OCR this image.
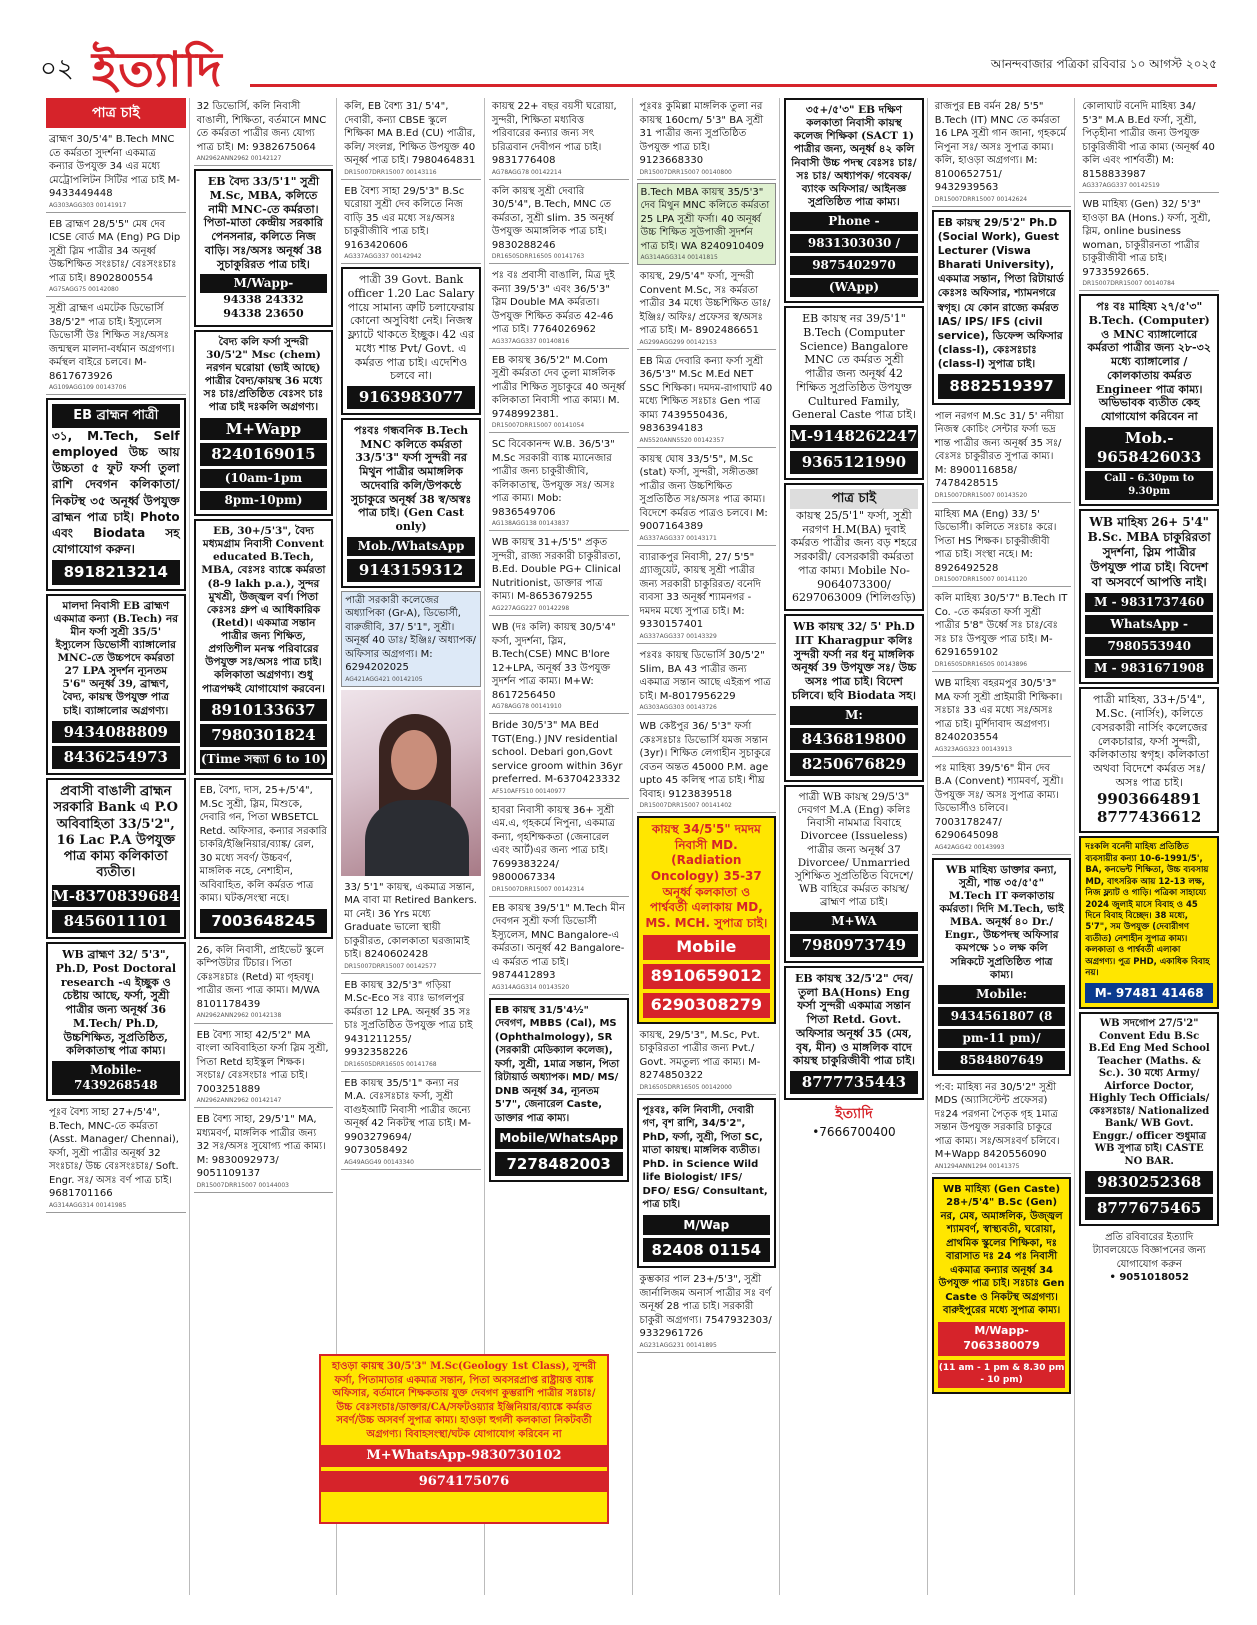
০২ ইত্যাদি	আনন্দবাজার পত্রিকা রবিবার ১০ আগস্ট ২০২৫
পাত্র চাই
ব্রাহ্মণ 30/5'4" B.Tech MNC তে কর্মরতা সুদর্শনা একমাত্র কন্যার উপযুক্ত 34 এর মধ্যে মেট্রোপলিটন সিটির পাত্র চাই M-9433449448
AG303AGG303 00141917
EB ব্রাহ্মণ 28/5'5" মেষ দেব ICSE বোর্ড MA (Eng) PG Dip সুশ্রী স্লিম পাত্রীর 34 অনূর্ধ্ব উচ্চশিক্ষিত সংঃচাঃ/ বেঃসংঃচাঃ পাত্র চাই। 8902800554
AG75AGG75 00142080
সুশ্রী ব্রাহ্মণ এমটেক ডিভোর্সি 38/5'2" পাত্র চাই। ইস্যুলেস ডিভোর্সী উঃ শিক্ষিত সঃ/অসঃ জন্মস্থল মালদা-বর্ধমান অগ্রগণ্য। কর্মস্থল বাইরে চলবে। M-8617673926
AG109AGG109 00143706
EB ব্রাহ্মন পাত্রী
৩১, M.Tech, Self employed উচ্চ আয় উচ্চতা ৫ ফুট ফর্সা তুলা রাশি দেবগন কলিকাতা/ নিকটস্থ ৩৫ অনূর্ধ্ব উপযুক্ত ব্রাহ্মন পাত্র চাই। Photo এবং Biodata সহ যোগাযোগ করুন।
8918213214
মালদা নিবাসী EB ব্রাহ্মণ একমাত্র কন্যা (B.Tech) নর মীন ফর্সা সুশ্রী 35/5' ইস্যুলেস ডিভোর্সী ব্যাঙ্গালোর MNC-তে উচ্চপদে কর্মরতা 27 LPA সুদর্শন ন্যূনতম 5'6" অনূর্ধ্ব 39, ব্রাহ্মণ, বৈদ্য, কায়স্থ উপযুক্ত পাত্র চাই। ব্যাঙ্গালোর অগ্রগণ্য।
9434088809
8436254973
প্রবাসী বাঙালী ব্রাহ্মন সরকারি Bank এ P.O অবিবাহিতা 33/5'2", 16 Lac P.A উপযুক্ত পাত্র কাম্য কলিকাতা ব্যতীত।
M-8370839684
8456011101
WB ব্রাহ্মণ 32/ 5'3", Ph.D, Post Doctoral research -এ ইচ্ছুক ও চেষ্টায় আছে, ফর্সা, সুশ্রী পাত্রীর জন্য অনূর্ধ্ব 36 M.Tech/ Ph.D, উচ্চশিক্ষিত, সুপ্রতিষ্ঠিত, কলিকাতাস্থ পাত্র কাম্য।
Mobile-7439268548
পূঃব বৈশ্য সাহা 27+/5'4", B.Tech, MNC-তে কর্মরতা (Asst. Manager/ Chennai), ফর্সা, সুশ্রী পাত্রীর অনূর্ধ্ব 32 সংঃচাঃ/ উচ্চ বেঃসংঃচাঃ/ Soft. Engr. সঃ/ অসঃ বর্ণ পাত্র চাই। 9681701166
AG314AGG314 00141985
32 ডিভোর্সি, কলি নিবাসী বাঙালী, শিক্ষিতা, বর্তমানে MNC তে কর্মরতা পাত্রীর জন্য যোগ্য পাত্র চাই। M: 9382675064
AN2962ANN2962 00142127
EB বৈদ্য 33/5'1" সুশ্রী M.Sc, MBA, কলিতে নামী MNC-তে কর্মরতা। পিতা-মাতা কেন্দ্রীয় সরকারি পেনসনার, কলিতে নিজ বাড়ি। সঃ/অসঃ অনূর্ধ্ব 38 সুচাকুরিরত পাত্র চাই।
M/Wapp-
94338 24332
94338 23650
বৈদ্য কলি ফর্সা সুন্দরী 30/5'2" Msc (chem) নরগন ঘরোয়া (ভাই আছে) পাত্রীর বৈদ্য/কায়স্থ 36 মধ্যে সঃ চাঃ/প্রতিষ্ঠিত বেঃসং চাঃ পাত্র চাই দঃকলি অগ্রগণ্য।
M+Wapp
8240169015
(10am-1pm
8pm-10pm)
EB, 30+/5'3", বৈদ্য মধ্যমগ্রাম নিবাসী Convent educated B.Tech, MBA, বেঃসঃ ব্যাঙ্কে কর্মরতা (8-9 lakh p.a.), সুন্দর মুখশ্রী, উজ্জ্বল বর্ণ। পিতা কেঃসঃ গ্রুপ এ আধিকারিক (Retd)। একমাত্র সন্তান পাত্রীর জন্য শিক্ষিত, প্রগতিশীল মনস্ক পরিবারের উপযুক্ত সঃ/অসঃ পাত্র চাই। কলিকাতা অগ্রগণ্য। শুধু পাত্রপক্ষই যোগাযোগ করবেন।
8910133637
7980301824
(Time সন্ধ্যা 6 to 10)
EB, বৈশ্য, দাস, 25+/5'4", M.Sc সুশ্রী, স্লিম, মিশুকে, দেবারি গন, পিতা WBSETCL Retd. অফিসার, কন্যার সরকারি চাকরি/ইঞ্জিনিয়ার/ব্যাঙ্ক/ রেল, 30 মধ্যে সবর্ণ/ উচ্চবর্ণ, মাঙ্গলিক নহে, নেশাহীন, অবিবাহিত, কলি কর্মরত পাত্র কাম্য। ঘটক/সংস্থা নহে।
7003648245
26, কলি নিবাসী, প্রাইভেট স্কুলে কম্পিউটার টিচার। পিতা কেঃসঃচাঃ (Retd) মা গৃহবধূ। পাত্রীর জন্য পাত্র কাম্য। M/WA 8101178439
AN2962ANN2962 00142138
EB বৈশ্য সাহা 42/5'2" MA বাংলা অবিবাহিতা ফর্সা স্লিম সুশ্রী, পিতা Retd হাইস্কুল শিক্ষক। সংচাঃ/ বেঃসংচাঃ পাত্র চাই। 7003251889
AN2962ANN2962 00142147
EB বৈশ্য সাহা, 29/5'1" MA, মধ্যমবর্ণ, মাঙ্গলিক পাত্রীর জন্য 32 সঃ/অসঃ সুযোগ্য পাত্র কাম্য। M: 9830092973/ 9051109137
DR15007DRR15007 00144003
কলি, EB বৈশ্য 31/ 5'4", দেবারী, কন্যা CBSE স্কুলে শিক্ষিকা MA B.Ed (CU) পাত্রীর, কলি/ সংলগ্ন, শিক্ষিত উপযুক্ত 40 অনূর্ধ্ব পাত্র চাই। 7980464831
DR15007DRR15007 00143116
EB বৈশ্য সাহা 29/5'3" B.Sc ঘরোয়া সুশ্রী দেব কলিতে নিজ বাড়ি 35 এর মধ্যে সঃ/অসঃ চাকুরীজীবি পাত্র চাই। 9163420606
AG337AGG337 00142942
পাত্রী 39 Govt. Bank officer 1.20 Lac Salary পায়ে সামান্য ত্রুটি চলাফেরায় কোনো অসুবিধা নেই। নিজস্ব ফ্ল্যাটে থাকতে ইচ্ছুক। 42 এর মধ্যে শান্ত Pvt/ Govt. এ কর্মরত পাত্র চাই। এদেশিও চলবে না।
9163983077
পঃবঃ গন্ধবনিক B.Tech MNC কলিতে কর্মরতা 33/5'3" ফর্সা সুন্দরী নর মিথুন পাত্রীর অমাঙ্গলিক অদেবারি কলি/উপকন্ঠে সুচাকুরে অনূর্ধ্ব 38 স্ব/অস্বঃ পাত্র চাই। (Gen Cast only)
Mob./WhatsApp
9143159312
পাত্রী সরকারী কলেজের অধ্যাপিকা (Gr-A), ডিভোর্সী, বারুজীবি, 37/ 5'1", সুশ্রী। অনূর্ধ্ব 40 ডাঃ/ ইঞ্জিঃ/ অধ্যাপক/ অফিসার অগ্রগণ্য। M: 6294202025
AG421AGG421 00142105
33/ 5'1" কায়স্থ, একমাত্র সন্তান, MA বাবা মা Retired Bankers. মা নেই। 36 Yrs মধ্যে Graduate ভালো স্থায়ী চাকুরীরত, কোলকাতা ঘরজামাই চাই। 8240602428
DR15007DRR15007 00142577
EB কায়স্থ 32/5'3" গড়িয়া M.Sc-Eco সঃ ব্যাঃ ভাগলপুর কর্মরতা 12 LPA. অনূর্ধ্ব 35 সঃ চাঃ সুপ্রতিষ্ঠিত উপযুক্ত পাত্র চাই 9431211255/ 9932358226
DR16505DRR16505 00141768
EB কায়স্থ 35/5'1" কন্যা নর M.A. বেঃসঃচাঃ ফর্সা, সুশ্রী বাগুইআটি নিবাসী পাত্রীর জন্যে অনূর্ধ্ব 42 নিকটস্থ পাত্র চাই। M-9903279694/ 9073058492
AG49AGG49 00143340
কায়স্থ 22+ বছর বয়সী ঘরোয়া, সুন্দরী, শিক্ষিতা মধ্যবিত্ত পরিবারের কন্যার জন্য সৎ চরিত্রবান দেবীগন পাত্র চাই। 9831776408
AG78AGG78 00142214
কলি কায়স্থ সুশ্রী দেবারি 30/5'4", B.Tech, MNC তে কর্মরতা, সুশ্রী slim. 35 অনূর্ধ্ব উপযুক্ত অমাঙ্গলিক পাত্র চাই। 9830288246
DR16505DRR16505 00141763
পঃ বঃ প্রবাসী বাঙালি, মিত্র দুই কন্যা 39/5'3" এবং 36/5'3" স্লিম Double MA কর্মরতা। উপযুক্ত শিক্ষিত কর্মরত 42-46 পাত্র চাই। 7764026962
AG337AGG337 00140816
EB কায়স্থ 36/5'2" M.Com সুশ্রী কর্মরতা দেব তুলা মাঙ্গলিক পাত্রীর শিক্ষিত সুচাকুরে 40 অনূর্ধ্ব কলিকাতা নিবাসী পাত্র কাম্য। M. 9748992381.
DR15007DRR15007 00141054
SC বিবেকানন্দ W.B. 36/5'3" M.Sc সরকারী ব্যাঙ্ক ম্যানেজার পাত্রীর জন্য চাকুরীজীবি, কলিকাতাস্থ, উপযুক্ত সঃ/ অসঃ পাত্র কাম্য। Mob: 9836549706
AG138AGG138 00143837
WB কায়স্থ 31+/5'5" প্রকৃত সুন্দরী, রাজ্য সরকারী চাকুরীরতা, B.Ed. Double PG+ Clinical Nutritionist, ডাক্তার পাত্র কাম্য। M-8653679255
AG227AGG227 00142298
WB (দঃ কলি) কায়স্থ 30/5'4" ফর্সা, সুদর্শনা, স্লিম, B.Tech(CSE) MNC B'lore 12+LPA, অনূর্ধ্ব 33 উপযুক্ত সুদর্শন পাত্র কাম্য। M+W: 8617256450
AG78AGG78 00141910
Bride 30/5'3" MA BEd TGT(Eng.) JNV residential school. Debari gon,Govt service groom within 36yr preferred. M-6370423332
AF510AFF510 00140977
হাবরা নিবাসী কায়স্থ 36+ সুশ্রী এম.এ, গৃহকর্মে নিপুনা, একমাত্র কন্যা, গৃহশিক্ষকতা (জেনারেল এবং আর্ট)এর জন্য পাত্র চাই। 7699383224/ 9800067334
DR15007DRR15007 00142314
EB কায়স্থ 39/5'1" M.Tech মীন দেবগন সুশ্রী ফর্সা ডিভোর্সী ইস্যুলেস, MNC Bangalore-এ কর্মরতা। অনূর্ধ্ব 42 Bangalore-এ কর্মরত পাত্র চাই। 9874412893
AG314AGG314 00143520
EB কায়স্থ 31/5'4½" দেবগণ, MBBS (Cal), MS (Ophthalmology), SR (সরকারী মেডিক্যাল কলেজ), ফর্সা, সুশ্রী, 1মাত্র সন্তান, পিতা রিটায়ার্ড অধ্যাপক। MD/ MS/ DNB অনূর্ধ্ব 34, ন্যূনতম 5'7", জেনারেল Caste, ডাক্তার পাত্র কাম্য।
Mobile/WhatsApp
7278482003
পূঃবঃ কুমিল্লা মাঙ্গলিক তুলা নর কায়স্থ 160cm/ 5'3" BA সুশ্রী 31 পাত্রীর জন্য সুপ্রতিষ্ঠিত উপযুক্ত পাত্র চাই। 9123668330
DR15007DRR15007 00140800
B.Tech MBA কায়স্থ 35/5'3" দেব মিথুন MNC কলিতে কর্মরতা 25 LPA সুশ্রী ফর্সা। 40 অনূর্ধ্ব উচ্চ শিক্ষিত সুউপাজী সুদর্শন পাত্র চাই। WA 8240910409
AG314AGG314 00141815
কায়স্থ, 29/5'4" ফর্সা, সুন্দরী Convent M.Sc, সঃ কর্মরতা পাত্রীর 34 মধ্যে উচ্চশিক্ষিত ডাঃ/ ইঞ্জিঃ/ অফিঃ/ প্রফেসর স্ব/অসঃ পাত্র চাই। M- 8902486651
AG299AGG299 00142153
EB মিত্র দেবারি কন্যা ফর্সা সুশ্রী 36/5'3" M.Sc M.Ed NET SSC শিক্ষিকা। দমদম-রাগাঘাট 40 মধ্যে শিক্ষিত সঃচাঃ Gen পাত্র কাম্য 7439550436, 9836394183
AN5520ANN5520 00142357
কায়স্থ ঘোষ 33/5'5", M.Sc (stat) ফর্সা, সুন্দরী, সঙ্গীতজ্ঞা পাত্রীর জন্য উচ্চশিক্ষিত সুপ্রতিষ্ঠিত সঃ/অসঃ পাত্র কাম্য। বিদেশে কর্মরত পাত্রও চলবে। M: 9007164389
AG337AGG337 00143171
ব্যারাকপুর নিবাসী, 27/ 5'5" গ্র্যাজুয়েট, কায়স্থ সুশ্রী পাত্রীর জন্য সরকারী চাকুরিরত/ বনেদি ব্যবসা 33 অনূর্ধ্ব শ্যামনগর - দমদম মধ্যে সুপাত্র চাই। M: 9330157401
AG337AGG337 00143329
পঃবঃ কায়স্থ ডিভোর্সি 30/5'2" Slim, BA 43 পাত্রীর জন্য একমাত্র সন্তান আছে এইরূপ পাত্র চাই। M-8017956229
AG303AGG303 00143726
WB কেষ্টপুর 36/ 5'3" ফর্সা কেঃসঃচাঃ ডিভোর্সি যমজ সন্তান (3yr)। শিক্ষিত লেগাহীন সুচাকুরে বেতন অন্তত 45000 P.M. age upto 45 কলিস্থ পাত্র চাই। শীঘ্র বিবাহ। 9123839518
DR15007DRR15007 00141402
কায়স্থ 34/5'5" দমদম নিবাসী MD.(Radiation Oncology) 35-37 অনূর্ধ্ব কলকাতা ও পার্শ্ববর্তী এলাকায় MD, MS. MCH. সুপাত্র চাই।
Mobile
8910659012
6290308279
কায়স্থ, 29/5'3", M.Sc, Pvt. চাকুরিরতা পাত্রীর জন্য Pvt./ Govt. সমতুল্য পাত্র কাম্য। M-8274850322
DR16505DRR16505 00142000
পূঃবঃ, কলি নিবাসী, দেবারী গণ, বৃশ রাশি, 34/5'2", PhD, ফর্সা, সুশ্রী, পিতা SC, মাতা কায়স্থ। মাঙ্গলিক ব্যতীত। PhD. in Science Wild life Biologist/ IFS/ DFO/ ESG/ Consultant, পাত্র চাই।
M/Wap
82408 01154
কুম্ভকার পাল 23+/5'3", সুশ্রী জার্নালিজম অনার্স পাত্রীর সঃ বর্ণ অনূর্ধ্ব 28 পাত্র চাই। সরকারী চাকুরী অগ্রগণ্য। 7547932303/ 9332961726
AG231AGG231 00141895
৩৫+/৫'৩" EB দক্ষিণ কলকাতা নিবাসী কায়স্থ কলেজ শিক্ষিকা (SACT 1) পাত্রীর জন্য, অনূর্ধ্ব ৪২ কলি নিবাসী উচ্চ পদস্থ বেঃসঃ চাঃ/ সঃ চাঃ/ অধ্যাপক/ গবেষক/ ব্যাংক অফিসার/ আইনজ্ঞ সুপ্রতিষ্ঠিত পাত্র কাম্য।
Phone -
9831303030 /
9875402970
(WApp)
EB কায়স্থ নর 39/5'1" B.Tech (Computer Science) Bangalore MNC তে কর্মরত সুশ্রী পাত্রীর জন্য অনূর্ধ্ব 42 শিক্ষিত সুপ্রতিষ্ঠিত উপযুক্ত Cultured Family, General Caste পাত্র চাই।
M-9148262247
9365121990
পাত্র চাই
কায়স্থ 25/5'1" ফর্সা, সুশ্রী নরগণ H.M(BA) দুবাই কর্মরত পাত্রীর জন্য বড় শহরে সরকারী/ বেসরকারী কর্মরতা পাত্র কাম্য। Mobile No- 9064073300/ 6297063009 (শিলিগুড়ি)
WB কায়স্থ 32/ 5' Ph.D IIT Kharagpur কলিঃ সুন্দরী ফর্সা নর ধনু মাঙ্গলিক অনূর্ধ্ব 39 উপযুক্ত সঃ/ উচ্চ অসঃ পাত্র চাই। বিদেশ চলিবে। ছবি Biodata সহ।
M:
8436819800
8250676829
পাত্রী WB কায়স্থ 29/5'3" দেবগণ M.A (Eng) কলিঃ নিবাসী নামমাত্র বিবাহে Divorcee (Issueless) পাত্রীর জন্য অনূর্ধ্ব 37 Divorcee/ Unmarried সুশিক্ষিত সুপ্রতিষ্ঠিত বিদেশে/ WB বাহিরে কর্মরত কায়স্থ/ ব্রাহ্মণ পাত্র চাই।
M+WA
7980973749
EB কায়স্থ 32/5'2" দেব/তুলা BA(Hons) Eng ফর্সা সুন্দরী একমাত্র সন্তান পিতা Retd. Govt. অফিসার অনূর্ধ্ব 35 (মেষ, বৃষ, মীন) ও মাঙ্গলিক বাদে কায়স্থ চাকুরিজীবী পাত্র চাই।
8777735443
ইত্যাদি
•7666700400
রাজপুর EB বর্মন 28/ 5'5" B.Tech (IT) MNC তে কর্মরতা 16 LPA সুশ্রী গান জানা, গৃহকর্মে নিপুনা সঃ/ অসঃ সুপাত্র কাম্য। কলি, হাওড়া অগ্রগণ্য। M: 8100652751/ 9432939563
DR15007DRR15007 00142624
EB কায়স্থ 29/5'2" Ph.D (Social Work), Guest Lecturer (Viswa Bharati University), একমাত্র সন্তান, পিতা রিটায়ার্ড কেঃসঃ অফিসার, শ্যামনগরে স্বগৃহ। যে কোন রাজ্যে কর্মরত IAS/ IPS/ IFS (civil service), ডিফেন্স অফিসার (class-I), কেঃসঃচাঃ (class-I) সুপাত্র চাই।
8882519397
পাল নরগণ M.Sc 31/ 5' নদীয়া নিজস্ব কোচিং সেন্টার ফর্সা ভদ্র শান্ত পাত্রীর জন্য অনূর্ধ্ব 35 সঃ/ বেঃসঃ চাকুরীরত সুপাত্র কাম্য। M: 8900116858/ 7478428515
DR15007DRR15007 00143520
মাহিষ্য MA (Eng) 33/ 5' ডিভোর্সী। কলিতে সঃচাঃ করে। পিতা HS শিক্ষক। চাকুরীজীবী পাত্র চাই। সংস্থা নহে। M: 8926492528
DR15007DRR15007 00141120
কলি মাহিষ্য 30/5'7" B.Tech IT Co. -তে কর্মরতা ফর্সা সুশ্রী পাত্রীর 5'8" উর্ধ্বে সঃ চাঃ/বেঃ সঃ চাঃ উপযুক্ত পাত্র চাই। M- 6291659102
DR16505DRR16505 00143896
WB মাহিষ্য বহরমপুর 30/5'3" MA ফর্সা সুশ্রী প্রাইমারী শিক্ষিকা। সঃচাঃ 33 এর মধ্যে সঃ/অসঃ পাত্র চাই। মুর্শিদাবাদ অগ্রগণ্য। 8240203554
AG323AGG323 00143913
পঃ মাহিষ্য 39/5'6" মীন দেব B.A (Convent) শ্যামবর্ণ, সুশ্রী। উপযুক্ত সঃ/ অসঃ সুপাত্র কাম্য। ডিভোর্সীও চলিবে। 7003178247/ 6290645098
AG42AGG42 00143993
WB মাহিষ্য ডাক্তার কন্যা, সুশ্রী, শান্ত ৩৫/৫'৫" M.Tech IT কলকাতায় কর্মরতা। দিদি M.Tech, ভাই MBA. অনূর্ধ্ব ৪০ Dr./ Engr., উচ্চপদস্থ অফিসার কমপক্ষে ১০ লক্ষ কলি সন্নিকটে সুপ্রতিষ্ঠিত পাত্র কাম্য।
Mobile:
9434561807 (8
pm-11 pm)/
8584807649
প:ব: মাহিষ্য নর 30/5'2" সুশ্রী MDS (অ্যাসিস্টেন্ট প্রফেসর) দঃ24 পরগনা পৈতৃক গৃহ 1মাত্র সন্তান উপযুক্ত সরকারি চাকুরে পাত্র কাম্য। সঃ/অসঃবর্ণ চলিবে। M+Wapp 8420556090
AN1294ANN1294 00141375
WB মাহিষ্য (Gen Caste) 28+/5'4" B.Sc (Gen) নর, মেষ, অমাঙ্গলিক, উজ্জ্বল শ্যামবর্ণ, স্বাস্থ্যবতী, ঘরোয়া, প্রাথমিক স্কুলের শিক্ষিকা, দঃ বারাসাত দঃ 24 পঃ নিবাসী একমাত্র কন্যার অনূর্ধ্ব 34 উপযুক্ত পাত্র চাই। সঃচাঃ Gen Caste ও নিকটস্থ অগ্রগণ্য। বারুইপুরের মধ্যে সুপাত্র কাম্য।
M/Wapp- 7063380079
(11 am - 1 pm & 8.30 pm - 10 pm)
কোলাঘাট বনেদি মাহিষ্য 34/ 5'3" M.A B.Ed ফর্সা, সুশ্রী, পিতৃহীনা পাত্রীর জন্য উপযুক্ত চাকুরিজীবী পাত্র কাম্য (অনূর্ধ্ব 40 কলি এবং পার্শবর্তী) M: 8158833987
AG337AGG337 00142519
WB মাহিষ্য (Gen) 32/ 5'3" হাওড়া BA (Hons.) ফর্সা, সুশ্রী, স্লিম, online business woman, চাকুরীরনতা পাত্রীর চাকুরীজীবী পাত্র চাই। 9733592665.
DR15007DRR15007 00140784
পঃ বঃ মাহিষ্য ২৭/৫'৩" B.Tech. (Computer) ও MNC ব্যাঙ্গালোরে কর্মরতা পাত্রীর জন্য ২৮-৩২ মধ্যে ব্যাঙ্গালোর /কোলকাতায় কর্মরত Engineer পাত্র কাম্য। অভিভাবক ব্যতীত কেহ যোগাযোগ করিবেন না
Mob.- 9658426033
Call - 6.30pm to 9.30pm
WB মাহিষ্য 26+ 5'4" B.Sc. MBA চাকুরিরতা সুদর্শনা, স্লিম পাত্রীর উপযুক্ত পাত্র চাই। বিদেশ বা অসবর্ণে আপত্তি নাই।
M - 9831737460
WhatsApp -
7980553940
M - 9831671908
পাত্রী মাহিষ্য, 33+/5'4", M.Sc. (নার্সিং), কলিতে বেসরকারী নার্সিং কলেজের লেকচারার, ফর্সা সুন্দরী, কলিকাতায় স্বগৃহ। কলিকাতা অথবা বিদেশে কর্মরত সঃ/অসঃ পাত্র চাই।
9903664891
8777436612
দঃকলি বনেদী মাহিষ্য প্রতিষ্ঠিত ব্যবসায়ীর কন্যা 10-6-1991/5', BA, কনভেন্ট শিক্ষিতা, উচ্চ ব্যবসায় MD, বাৎসরিক আয় 12-13 লক্ষ, নিজ ফ্ল্যাট ও গাড়ি। পত্রিকা সাহায্যে 2024 জুলাই মাসে বিবাহ ও 45 দিনে বিবাহ বিচ্ছেদ। 38 মধ্যে, 5'7", সম উপযুক্ত (দেবারীগণ ব্যতীত) নেশাহীন সুপাত্র কাম্য। কলকাতা ও পার্শ্ববর্তী এলাকা অগ্রগণ্য। পুত্র PHD, একাধিক বিবাহ নয়।
M- 97481 41468
WB সদগোপ 27/5'2" Convent Edu B.Sc B.Ed Eng Med School Teacher (Maths. & Sc.). 30 মধ্যে Army/ Airforce Doctor, Highly Tech Officials/ কেঃসঃচাঃ/ Nationalized Bank/ WB Govt. Enggr./ officer শুধুমাত্র WB সুপাত্র চাই। CASTE NO BAR.
9830252368
8777675465
প্রতি রবিবারের ইত্যাদি ট্যাবলয়েডে বিজ্ঞাপনের জন্য যোগাযোগ করুন
• 9051018052
হাওড়া কায়স্থ 30/5'3" M.Sc(Geology 1st Class), সুন্দরী ফর্সা, পিতামাতার একমাত্র সন্তান, পিতা অবসরপ্রাপ্ত রাষ্ট্রায়ত্ত ব্যাঙ্ক অফিসার, বর্তমানে শিক্ষকতায় যুক্ত দেবগণ কুম্ভরাশি পাত্রীর সঃচাঃ/উচ্চ বেঃসংচাঃ/ডাক্তার/CA/সফটওয়্যার ইঞ্জিনিয়ার/ব্যাঙ্কে কর্মরত সবর্ণ/উচ্চ অসবর্ণ সুপাত্র কাম্য। হাওড়া হুগলী কলকাতা নিকটবর্তী অগ্রগণ্য। বিবাহসংস্থা/ঘটক যোগাযোগ করিবেন না
M+WhatsApp-9830730102
9674175076
